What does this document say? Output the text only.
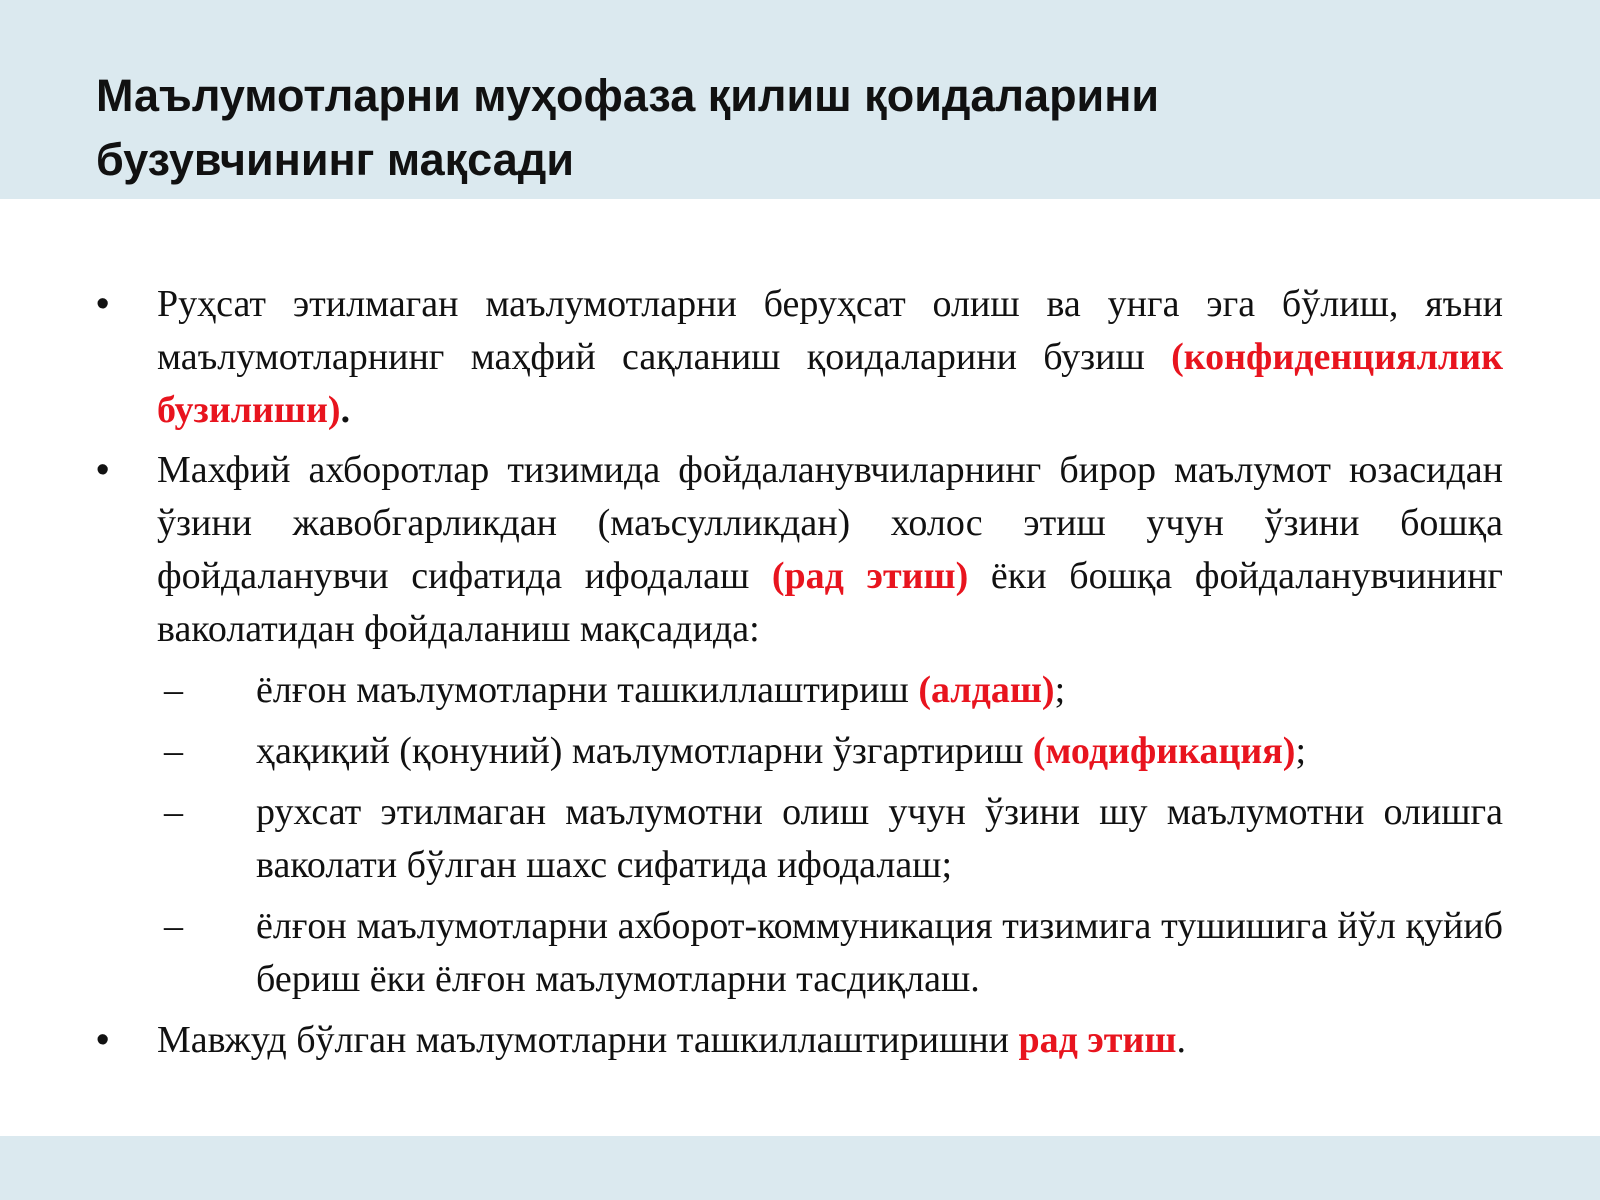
Маълумотларни муҳофаза қилиш қоидаларини
бузувчининг мақсади
• Руҳсат этилмаган маълумотларни беруҳсат олиш ва унга эга бўлиш, яъни маълумотларнинг маҳфий сақланиш қоидаларини бузиш (конфиденцияллик бузилиши).
• Махфий ахборотлар тизимида фойдаланувчиларнинг бирор маълумот юзасидан ўзини жавобгарликдан (маъсулликдан) холос этиш учун ўзини бошқа фойдаланувчи сифатида ифодалаш (рад этиш) ёки бошқа фойдаланувчининг ваколатидан фойдаланиш мақсадида:
– ёлғон маълумотларни ташкиллаштириш (алдаш);
– ҳақиқий (қонуний) маълумотларни ўзгартириш (модификация);
– рухсат этилмаган маълумотни олиш учун ўзини шу маълумотни олишга ваколати бўлган шахс сифатида ифодалаш;
– ёлғон маълумотларни ахборот-коммуникация тизимига тушишига йўл қуйиб бериш ёки ёлғон маълумотларни тасдиқлаш.
• Мавжуд бўлган маълумотларни ташкиллаштиришни рад этиш.
